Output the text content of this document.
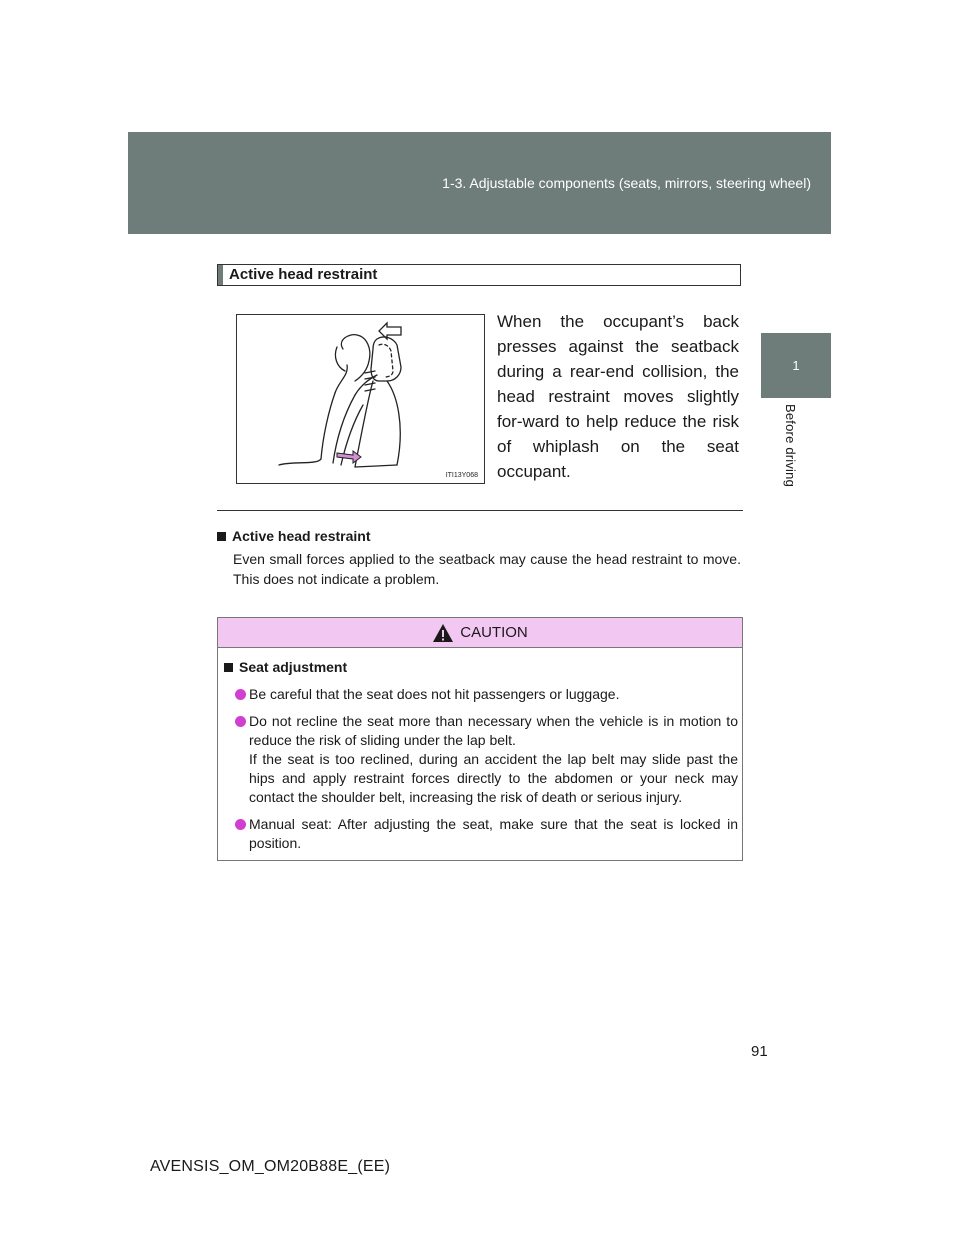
1-3. Adjustable components (seats, mirrors, steering wheel)
1
Before driving
Active head restraint
ITI13Y068
When the occupant’s back presses against the seatback during a rear-end collision, the head restraint moves slightly for-ward to help reduce the risk of whiplash on the seat occupant.
Active head restraint
Even small forces applied to the seatback may cause the head restraint to move. This does not indicate a problem.
CAUTION
Seat adjustment
Be careful that the seat does not hit passengers or luggage.
Do not recline the seat more than necessary when the vehicle is in motion to reduce the risk of sliding under the lap belt.
If the seat is too reclined, during an accident the lap belt may slide past the hips and apply restraint forces directly to the abdomen or your neck may contact the shoulder belt, increasing the risk of death or serious injury.
Manual seat: After adjusting the seat, make sure that the seat is locked in position.
91
AVENSIS_OM_OM20B88E_(EE)
